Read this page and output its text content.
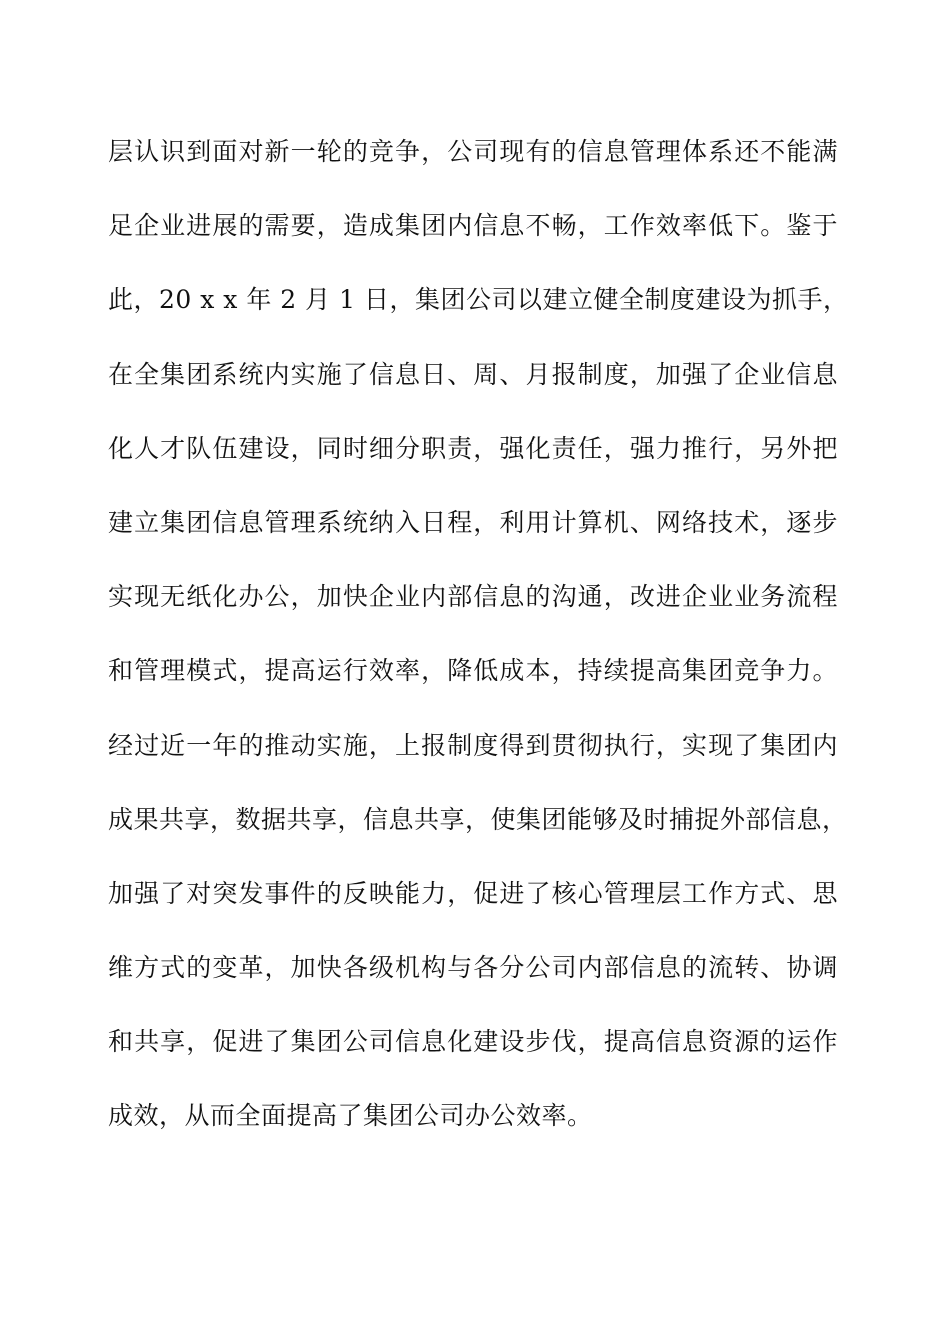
层认识到面对新一轮的竞争，公司现有的信息管理体系还不能满
足企业进展的需要，造成集团内信息不畅，工作效率低下。鉴于
此，20 x x 年 2 月 1 日，集团公司以建立健全制度建设为抓手，
在全集团系统内实施了信息日、周、月报制度，加强了企业信息
化人才队伍建设，同时细分职责，强化责任，强力推行，另外把
建立集团信息管理系统纳入日程，利用计算机、网络技术，逐步
实现无纸化办公，加快企业内部信息的沟通，改进企业业务流程
和管理模式，提高运行效率，降低成本，持续提高集团竞争力。
经过近一年的推动实施，上报制度得到贯彻执行，实现了集团内
成果共享，数据共享，信息共享，使集团能够及时捕捉外部信息，
加强了对突发事件的反映能力，促进了核心管理层工作方式、思
维方式的变革，加快各级机构与各分公司内部信息的流转、协调
和共享，促进了集团公司信息化建设步伐，提高信息资源的运作
成效，从而全面提高了集团公司办公效率。
